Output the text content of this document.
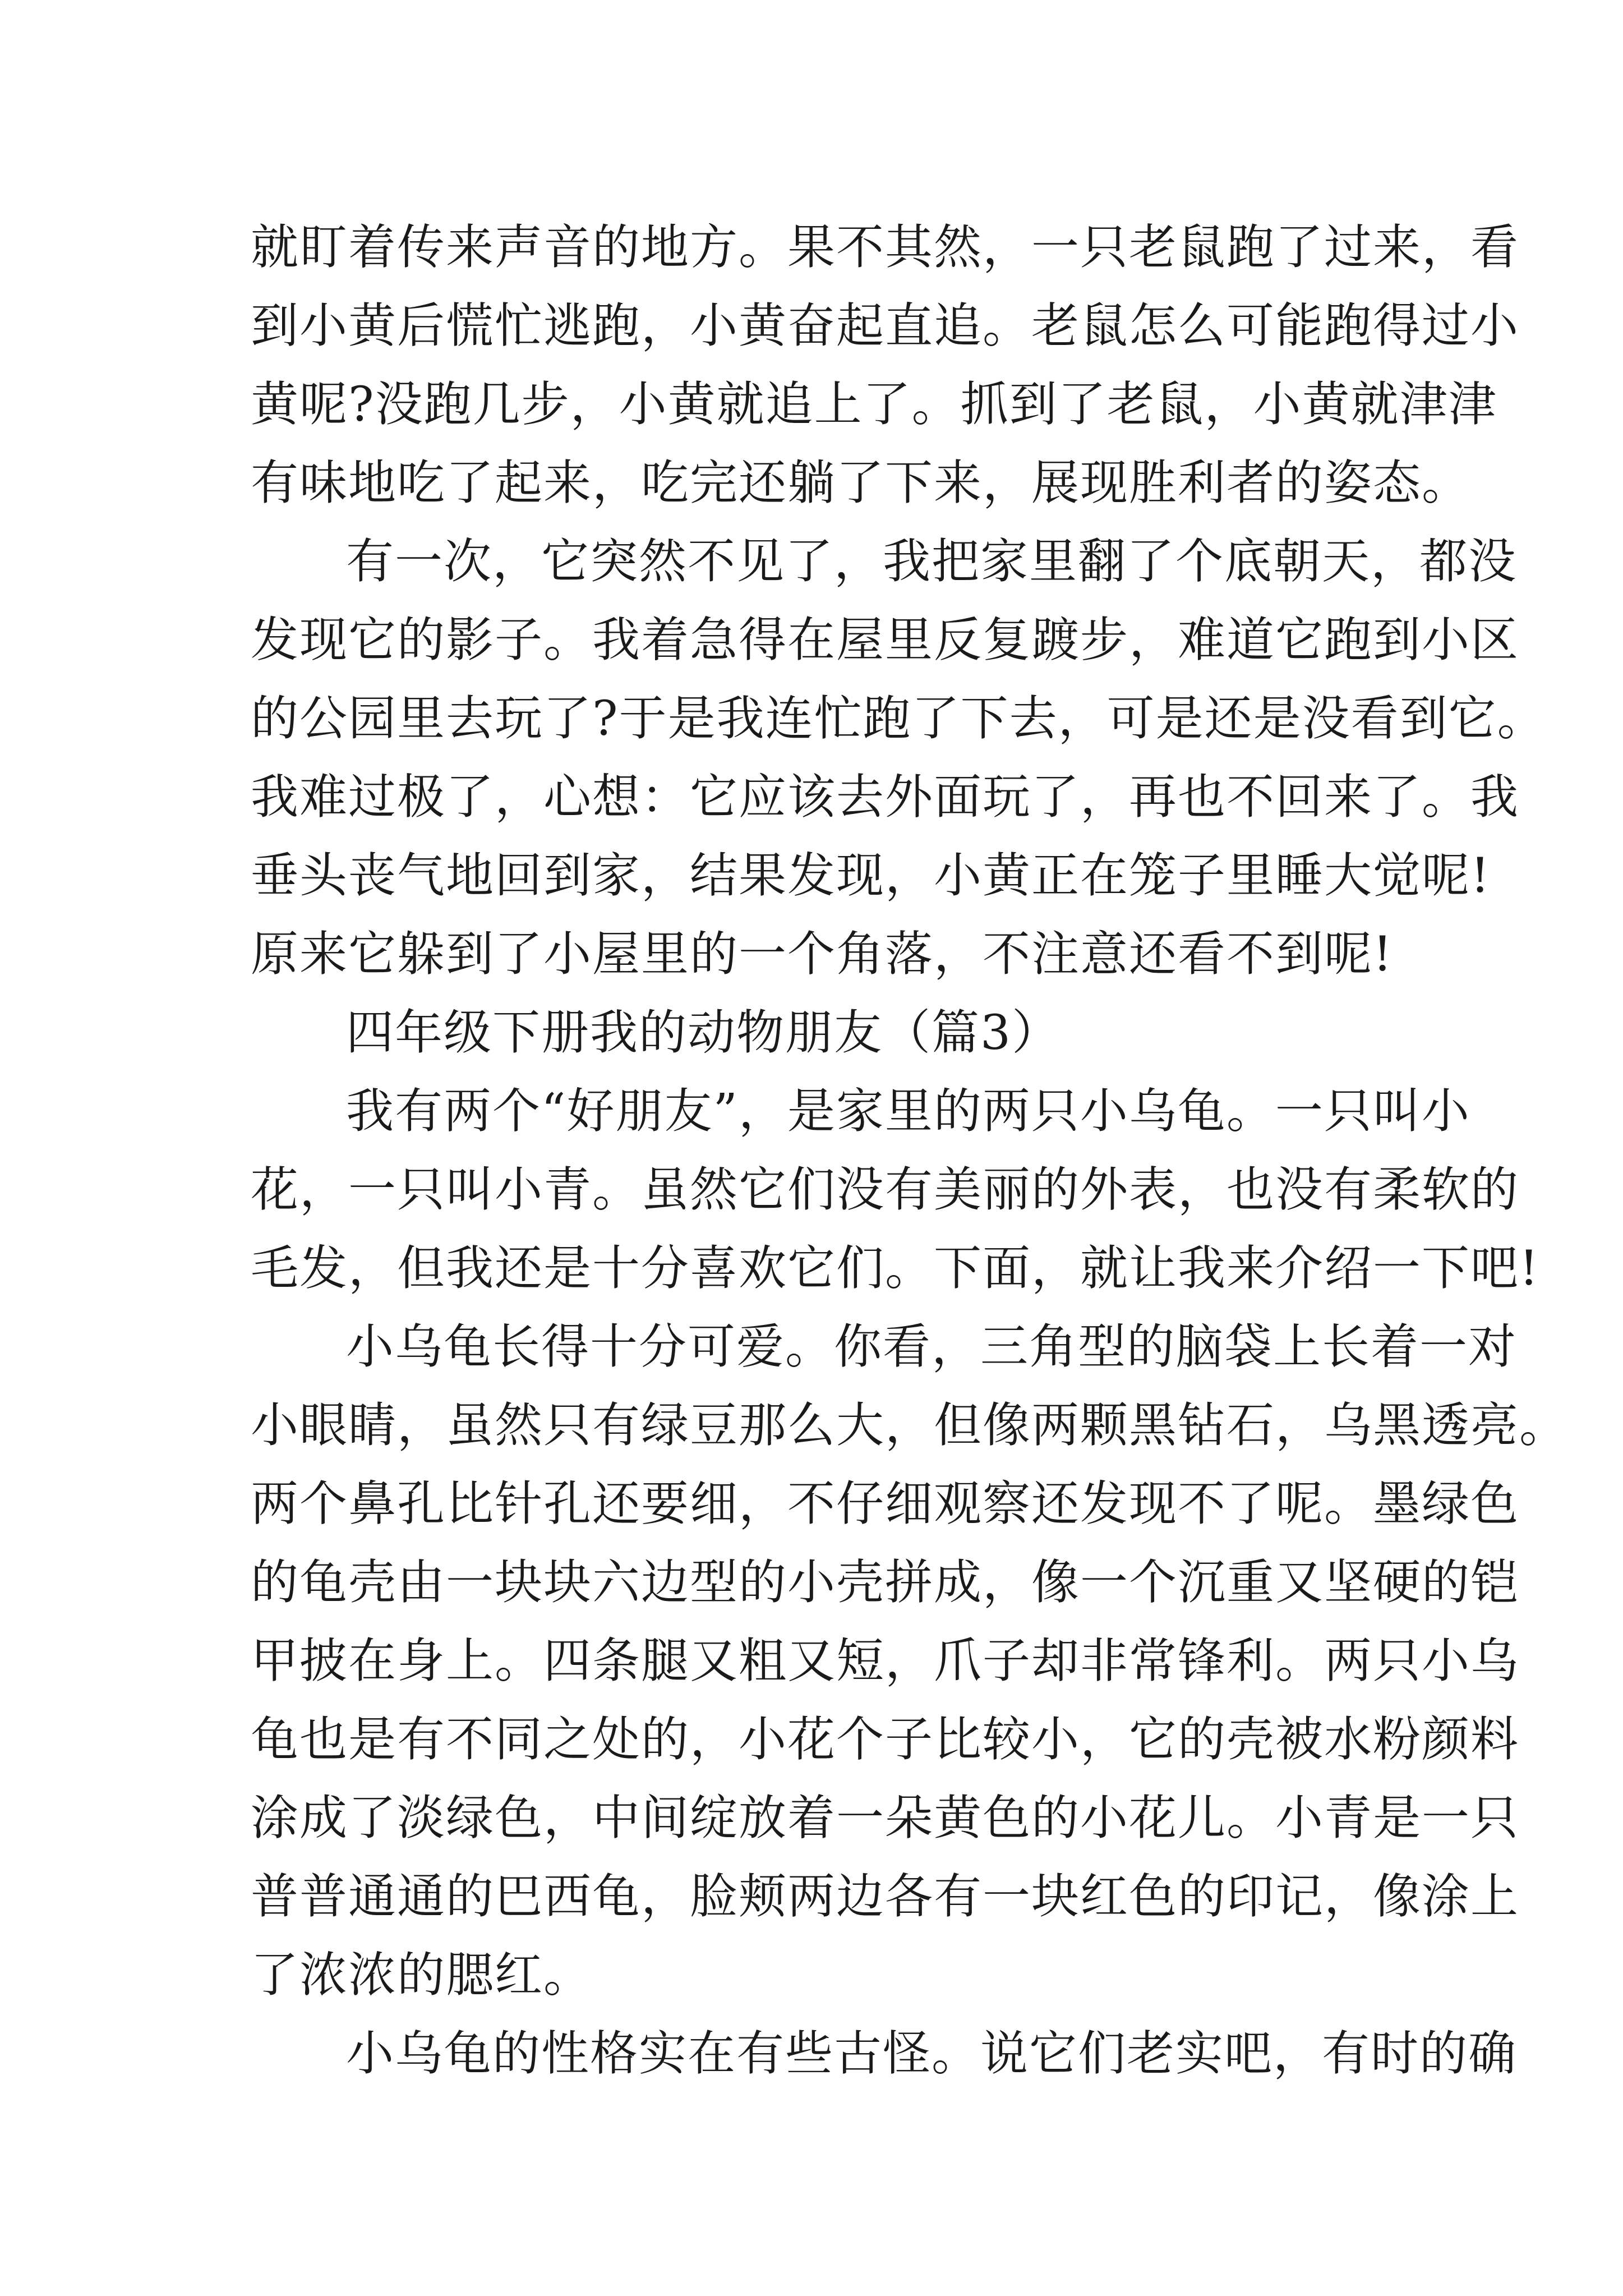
就盯着传来声音的地方。果不其然，一只老鼠跑了过来，看
到小黄后慌忙逃跑，小黄奋起直追。老鼠怎么可能跑得过小
黄呢?没跑几步，小黄就追上了。抓到了老鼠，小黄就津津
有味地吃了起来，吃完还躺了下来，展现胜利者的姿态。
有一次，它突然不见了，我把家里翻了个底朝天，都没
发现它的影子。我着急得在屋里反复踱步，难道它跑到小区
的公园里去玩了?于是我连忙跑了下去，可是还是没看到它。
我难过极了，心想：它应该去外面玩了，再也不回来了。我
垂头丧气地回到家，结果发现，小黄正在笼子里睡大觉呢!
原来它躲到了小屋里的一个角落，不注意还看不到呢!
四年级下册我的动物朋友（篇3）
我有两个“好朋友”，是家里的两只小乌龟。一只叫小
花，一只叫小青。虽然它们没有美丽的外表，也没有柔软的
毛发，但我还是十分喜欢它们。下面，就让我来介绍一下吧!
小乌龟长得十分可爱。你看，三角型的脑袋上长着一对
小眼睛，虽然只有绿豆那么大，但像两颗黑钻石，乌黑透亮。
两个鼻孔比针孔还要细，不仔细观察还发现不了呢。墨绿色
的龟壳由一块块六边型的小壳拼成，像一个沉重又坚硬的铠
甲披在身上。四条腿又粗又短，爪子却非常锋利。两只小乌
龟也是有不同之处的，小花个子比较小，它的壳被水粉颜料
涂成了淡绿色，中间绽放着一朵黄色的小花儿。小青是一只
普普通通的巴西龟，脸颊两边各有一块红色的印记，像涂上
了浓浓的腮红。
小乌龟的性格实在有些古怪。说它们老实吧，有时的确
